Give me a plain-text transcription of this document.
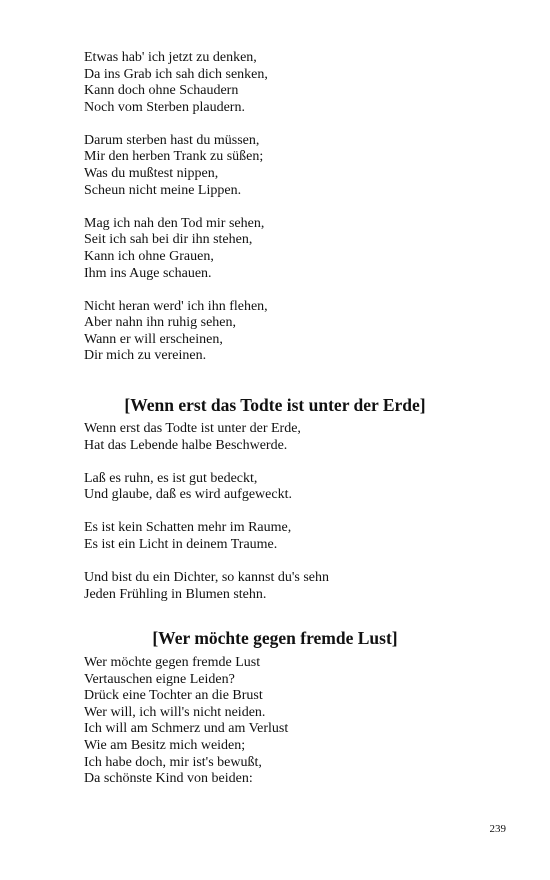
Etwas hab' ich jetzt zu denken,
Da ins Grab ich sah dich senken,
Kann doch ohne Schaudern
Noch vom Sterben plaudern.
Darum sterben hast du müssen,
Mir den herben Trank zu süßen;
Was du mußtest nippen,
Scheun nicht meine Lippen.
Mag ich nah den Tod mir sehen,
Seit ich sah bei dir ihn stehen,
Kann ich ohne Grauen,
Ihm ins Auge schauen.
Nicht heran werd' ich ihn flehen,
Aber nahn ihn ruhig sehen,
Wann er will erscheinen,
Dir mich zu vereinen.
[Wenn erst das Todte ist unter der Erde]
Wenn erst das Todte ist unter der Erde,
Hat das Lebende halbe Beschwerde.
Laß es ruhn, es ist gut bedeckt,
Und glaube, daß es wird aufgeweckt.
Es ist kein Schatten mehr im Raume,
Es ist ein Licht in deinem Traume.
Und bist du ein Dichter, so kannst du's sehn
Jeden Frühling in Blumen stehn.
[Wer möchte gegen fremde Lust]
Wer möchte gegen fremde Lust
Vertauschen eigne Leiden?
Drück eine Tochter an die Brust
Wer will, ich will's nicht neiden.
Ich will am Schmerz und am Verlust
Wie am Besitz mich weiden;
Ich habe doch, mir ist's bewußt,
Da schönste Kind von beiden:
239
